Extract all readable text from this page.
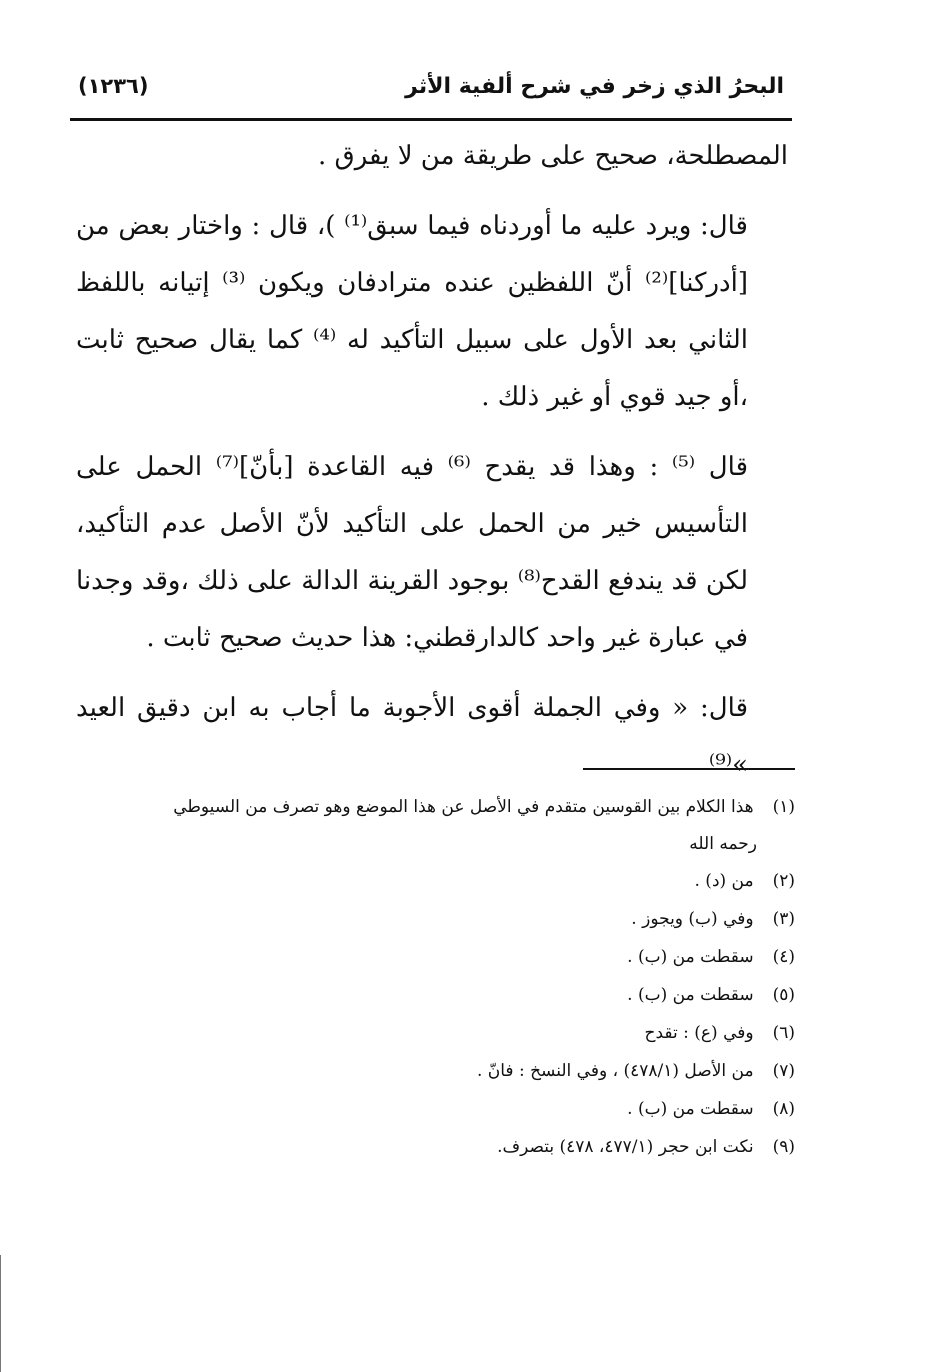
البحرُ الذي زخر في شرح ألفية الأثر
(١٢٣٦)

المصطلحة، صحيح على طريقة من لا يفرق .

قال: ويرد عليه ما أوردناه فيما سبق⁽¹⁾ )، قال : واختار بعض من [أدركنا]⁽²⁾ أنّ اللفظين عنده مترادفان ويكون ⁽³⁾ إتيانه باللفظ الثاني بعد الأول على سبيل التأكيد له ⁽⁴⁾ كما يقال صحيح ثابت ،أو جيد قوي أو غير ذلك .

قال ⁽⁵⁾ : وهذا قد يقدح ⁽⁶⁾ فيه القاعدة [بأنّ]⁽⁷⁾ الحمل على التأسيس خير من الحمل على التأكيد لأنّ الأصل عدم التأكيد، لكن قد يندفع القدح⁽⁸⁾ بوجود القرينة الدالة على ذلك ،وقد وجدنا في عبارة غير واحد كالدارقطني: هذا حديث صحيح ثابت .

قال: « وفي الجملة أقوى الأجوبة ما أجاب به ابن دقيق العيد »⁽⁹⁾

(١) هذا الكلام بين القوسين متقدم في الأصل عن هذا الموضع وهو تصرف من السيوطي
رحمه الله

(٢) من (د) .

(٣) وفي (ب) ويجوز .

(٤) سقطت من (ب) .

(٥) سقطت من (ب) .

(٦) وفي (ع) : تقدح

(٧) من الأصل (٤٧٨/١) ، وفي النسخ : فانّ .

(٨) سقطت من (ب) .

(٩) نكت ابن حجر (٤٧٧/١، ٤٧٨) بتصرف.
